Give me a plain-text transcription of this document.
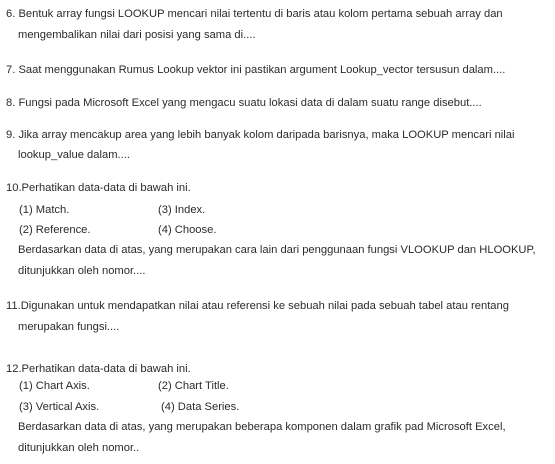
6. Bentuk array fungsi LOOKUP mencari nilai tertentu di baris atau kolom pertama sebuah array dan
mengembalikan nilai dari posisi yang sama di....
7. Saat menggunakan Rumus Lookup vektor ini pastikan argument Lookup_vector tersusun dalam....
8. Fungsi pada Microsoft Excel yang mengacu suatu lokasi data di dalam suatu range disebut....
9. Jika array mencakup area yang lebih banyak kolom daripada barisnya, maka LOOKUP mencari nilai
lookup_value dalam....
10.Perhatikan data-data di bawah ini.
(1) Match.	(3) Index.
(2) Reference.	(4) Choose.
Berdasarkan data di atas, yang merupakan cara lain dari penggunaan fungsi VLOOKUP dan HLOOKUP,
ditunjukkan oleh nomor....
11.Digunakan untuk mendapatkan nilai atau referensi ke sebuah nilai pada sebuah tabel atau rentang
merupakan fungsi....
12.Perhatikan data-data di bawah ini.
(1) Chart Axis.	(2) Chart Title.
(3) Vertical Axis.	(4) Data Series.
Berdasarkan data di atas, yang merupakan beberapa komponen dalam grafik pad Microsoft Excel,
ditunjukkan oleh nomor..
